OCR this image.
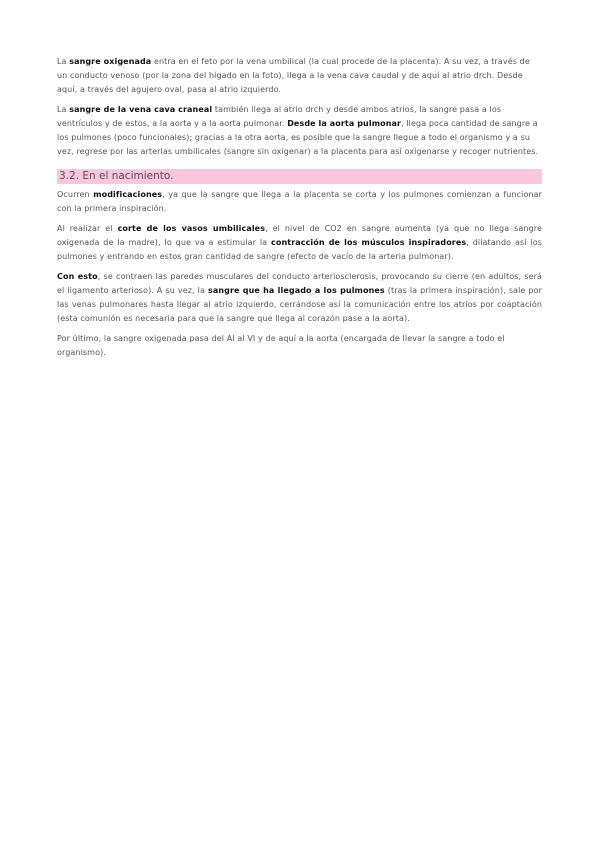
La sangre oxigenada entra en el feto por la vena umbilical (la cual procede de la placenta). A su vez, a través de un conducto venoso (por la zona del hígado en la foto), llega a la vena cava caudal y de aquí al atrio drch. Desde aquí, a través del agujero oval, pasa al atrio izquierdo.

La sangre de la vena cava craneal también llega al atrio drch y desde ambos atrios, la sangre pasa a los ventrículos y de estos, a la aorta y a la aorta pulmonar. Desde la aorta pulmonar, llega poca cantidad de sangre a los pulmones (poco funcionales); gracias a la otra aorta, es posible que la sangre llegue a todo el organismo y a su vez, regrese por las arterias umbilicales (sangre sin oxigenar) a la placenta para así oxigenarse y recoger nutrientes.

3.2. En el nacimiento.

Ocurren modificaciones, ya que la sangre que llega a la placenta se corta y los pulmones comienzan a funcionar con la primera inspiración.

Al realizar el corte de los vasos umbilicales, el nivel de CO2 en sangre aumenta (ya que no llega sangre oxigenada de la madre), lo que va a estimular la contracción de los músculos inspiradores, dilatando así los pulmones y entrando en estos gran cantidad de sangre (efecto de vacío de la arteria pulmonar).

Con esto, se contraen las paredes musculares del conducto arteriosclerosis, provocando su cierre (en adultos, será el ligamento arterioso). A su vez, la sangre que ha llegado a los pulmones (tras la primera inspiración), sale por las venas pulmonares hasta llegar al atrio izquierdo, cerrándose así la comunicación entre los atrios por coaptación (esta comunión es necesaria para que la sangre que llega al corazón pase a la aorta).

Por último, la sangre oxigenada pasa del AI al VI y de aquí a la aorta (encargada de llevar la sangre a todo el organismo).
